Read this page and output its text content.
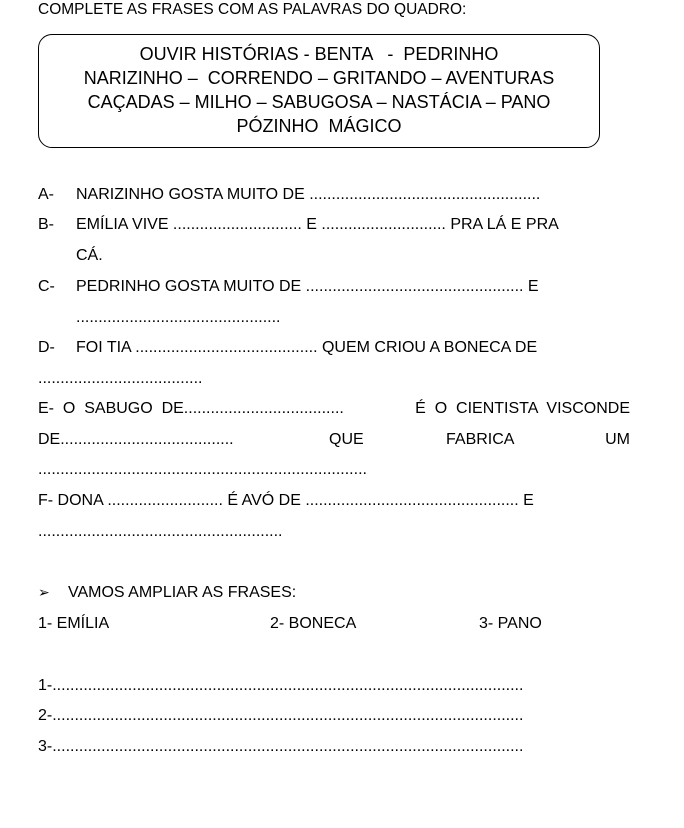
COMPLETE AS FRASES COM AS PALAVRAS DO QUADRO:
OUVIR HISTÓRIAS - BENTA   -  PEDRINHO
NARIZINHO –  CORRENDO – GRITANDO – AVENTURAS
CAÇADAS – MILHO – SABUGOSA – NASTÁCIA – PANO
PÓZINHO  MÁGICO
A- NARIZINHO GOSTA MUITO DE ....................................................
B- EMÍLIA VIVE ............................. E ............................ PRA LÁ E PRA
CÁ.
C- PEDRINHO GOSTA MUITO DE ................................................. E
..............................................
D- FOI TIA ......................................... QUEM CRIOU A BONECA DE
.....................................
E-  O  SABUGO  DE....................................	É  O  CIENTISTA  VISCONDE
DE.......................................	QUE	FABRICA	UM
..........................................................................
F- DONA .......................... É AVÓ DE ................................................ E
.......................................................
➢ VAMOS AMPLIAR AS FRASES:
1- EMÍLIA	2- BONECA	3- PANO
1-..........................................................................................................
2-..........................................................................................................
3-..........................................................................................................
